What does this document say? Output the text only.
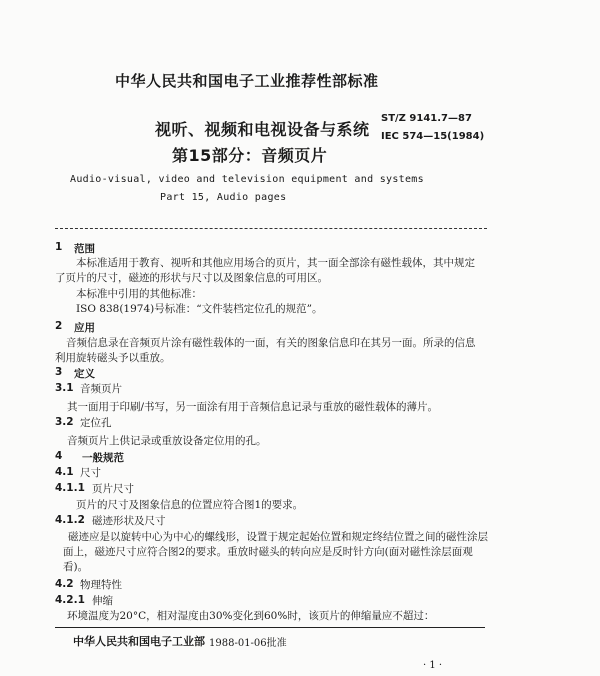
中华人民共和国电子工业推荐性部标准
视听、视频和电视设备与系统
第15部分：音频页片
ST/Z 9141.7—87
IEC 574—15(1984)
Audio-visual, video and television equipment and systems
Part 15, Audio pages
1 范围
本标准适用于教育、视听和其他应用场合的页片，其一面全部涂有磁性载体，其中规定了页片的尺寸，磁迹的形状与尺寸以及图象信息的可用区。
本标准中引用的其他标准：
ISO 838(1974)号标准：“文件装档定位孔的规范”。
2 应用
音频信息录在音频页片涂有磁性载体的一面，有关的图象信息印在其另一面。所录的信息利用旋转磁头予以重放。
3 定义
3.1 音频页片
其一面用于印刷/书写，另一面涂有用于音频信息记录与重放的磁性载体的薄片。
3.2 定位孔
音频页片上供记录或重放设备定位用的孔。
4 一般规范
4.1 尺寸
4.1.1 页片尺寸
页片的尺寸及图象信息的位置应符合图1的要求。
4.1.2 磁迹形状及尺寸
磁迹应是以旋转中心为中心的螺线形，设置于规定起始位置和规定终结位置之间的磁性涂层面上，磁迹尺寸应符合图2的要求。重放时磁头的转向应是反时针方向(面对磁性涂层面观看)。
4.2 物理特性
4.2.1 伸缩
环境温度为20°C，相对湿度由30%变化到60%时，该页片的伸缩量应不超过：
中华人民共和国电子工业部 1988-01-06批准
· 1 ·
